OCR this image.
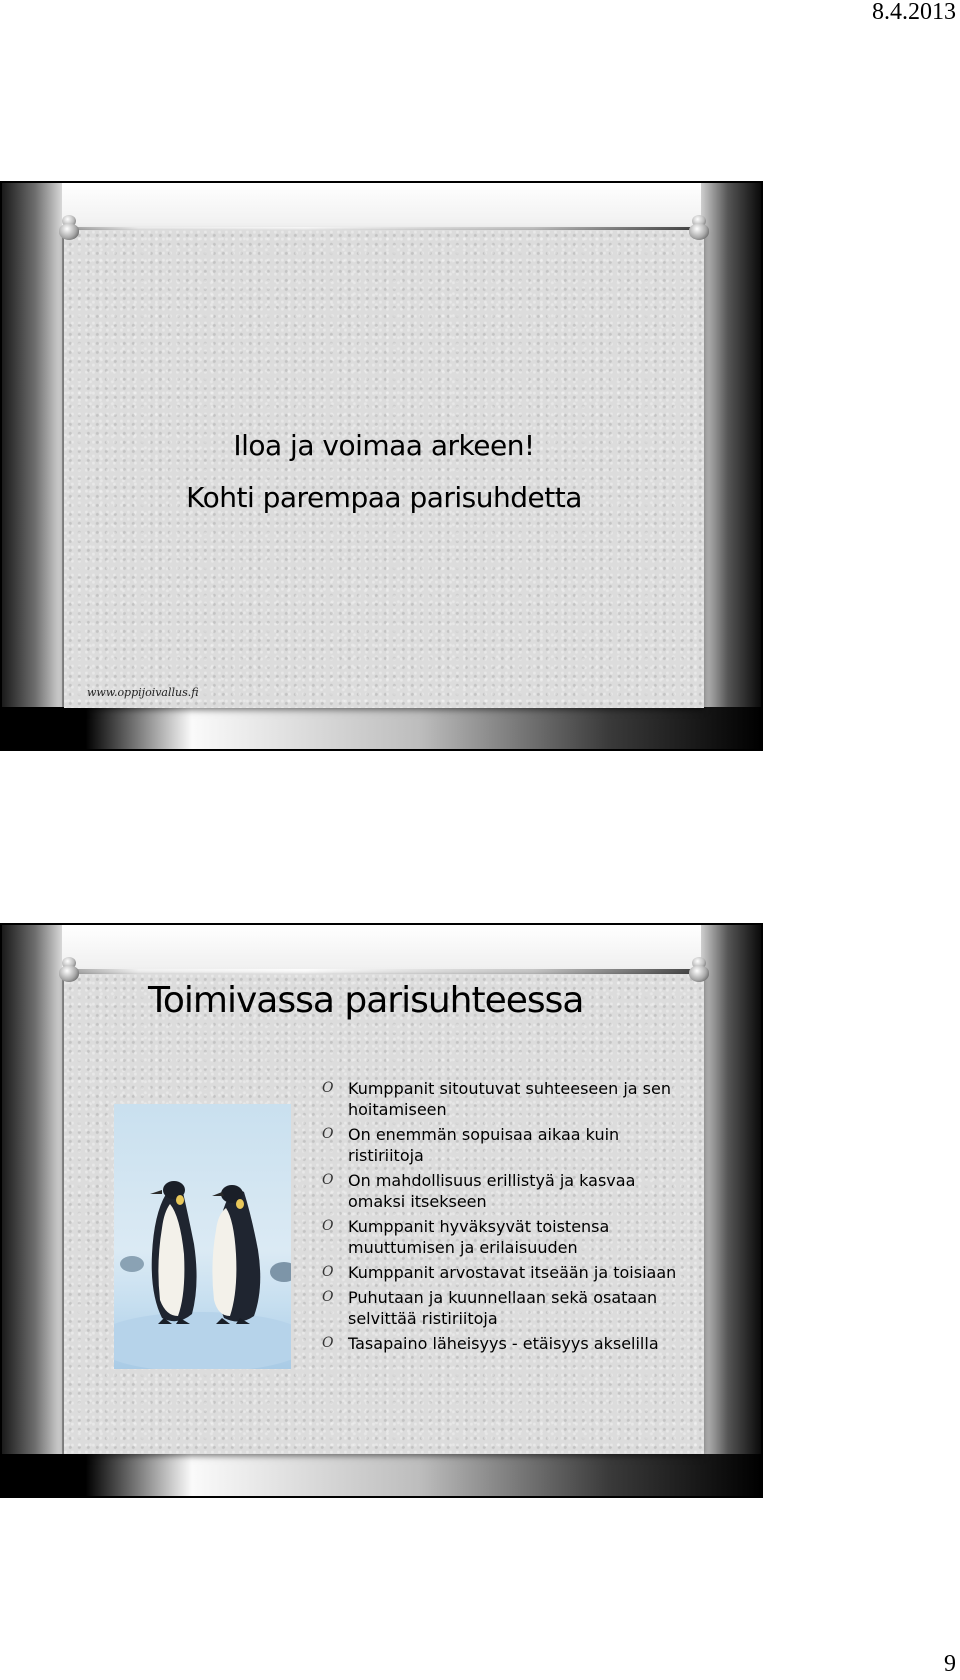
8.4.2013
Iloa ja voimaa arkeen!
Kohti parempaa parisuhdetta
www.oppijoivallus.fi
Toimivassa parisuhteessa
O Kumppanit sitoutuvat suhteeseen ja sen hoitamiseen
O On enemmän sopuisaa aikaa kuin ristiriitoja
O On mahdollisuus erillistyä ja kasvaa omaksi itsekseen
O Kumppanit hyväksyvät toistensa muuttumisen ja erilaisuuden
O Kumppanit arvostavat itseään ja toisiaan
O Puhutaan ja kuunnellaan sekä osataan selvittää ristiriitoja
O Tasapaino läheisyys - etäisyys akselilla
9
